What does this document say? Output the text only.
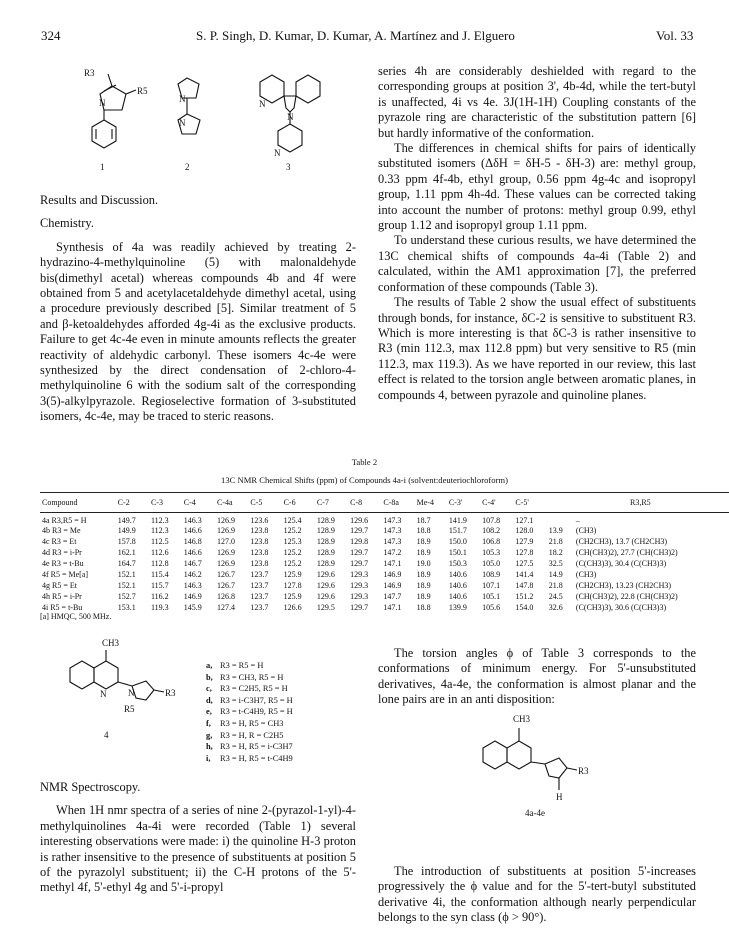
324	S. P. Singh, D. Kumar, D. Kumar, A. Martínez and J. Elguero	Vol. 33
R3
N
R5
1
N
N
2
N
N
N
3

Results and Discussion.

Chemistry.

Synthesis of 4a was readily achieved by treating 2-hydrazino-4-methylquinoline (5) with malonaldehyde bis(dimethyl acetal) whereas compounds 4b and 4f were obtained from 5 and acetylacetaldehyde dimethyl acetal, using a procedure previously described [5]. Similar treatment of 5 and β-ketoaldehydes afforded 4g-4i as the exclusive products. Failure to get 4c-4e even in minute amounts reflects the greater reactivity of aldehydic carbonyl. These isomers 4c-4e were synthesized by the direct condensation of 2-chloro-4-methylquinoline 6 with the sodium salt of the corresponding 3(5)-alkylpyrazole. Regioselective formation of 3-substituted isomers, 4c-4e, may be traced to steric reasons.

series 4h are considerably deshielded with regard to the corresponding groups at position 3', 4b-4d, while the tert-butyl is unaffected, 4i vs 4e. 3J(1H-1H) Coupling constants of the pyrazole ring are characteristic of the substitution pattern [6] but hardly informative of the conformation.

The differences in chemical shifts for pairs of identically substituted isomers (ΔδH = δH-5 - δH-3) are: methyl group, 0.33 ppm 4f-4b, ethyl group, 0.56 ppm 4g-4c and isopropyl group, 1.11 ppm 4h-4d. These values can be corrected taking into account the number of protons: methyl group 0.99, ethyl group 1.12 and isopropyl group 1.11 ppm.

To understand these curious results, we have determined the 13C chemical shifts of compounds 4a-4i (Table 2) and calculated, within the AM1 approximation [7], the preferred conformation of these compounds (Table 3).

The results of Table 2 show the usual effect of substituents through bonds, for instance, δC-2 is sensitive to substituent R3. Which is more interesting is that δC-3 is rather insensitive to R3 (min 112.3, max 112.8 ppm) but very sensitive to R5 (min 112.3, max 119.3). As we have reported in our review, this last effect is related to the torsion angle between aromatic planes, in compounds 4, between pyrazole and quinoline planes.

Table 2
13C NMR Chemical Shifts (ppm) of Compounds 4a-i (solvent:deuteriochloroform)
Compound	C-2	C-3	C-4	C-4a	C-5	C-6	C-7	C-8	C-8a	Me-4	C-3'	C-4'	C-5'	R3,R5	
4a R3,R5 = H	149.7	112.3	146.3	126.9	123.6	125.4	128.9	129.6	147.3	18.7	141.9	107.8	127.1		–
4b R3 = Me	149.9	112.3	146.6	126.9	123.8	125.2	128.9	129.7	147.3	18.8	151.7	108.2	128.0	13.9	(CH3)
4c R3 = Et	157.8	112.5	146.8	127.0	123.8	125.3	128.9	129.8	147.3	18.9	150.0	106.8	127.9	21.8	(CH2CH3), 13.7 (CH2CH3)
4d R3 = i-Pr	162.1	112.6	146.6	126.9	123.8	125.2	128.9	129.7	147.2	18.9	150.1	105.3	127.8	18.2	(CH(CH3)2), 27.7 (CH(CH3)2)
4e R3 = t-Bu	164.7	112.8	146.7	126.9	123.8	125.2	128.9	129.7	147.1	19.0	150.3	105.0	127.5	32.5	(C(CH3)3), 30.4 (C(CH3)3)
4f R5 = Me[a]	152.1	115.4	146.2	126.7	123.7	125.9	129.6	129.3	146.9	18.9	140.6	108.9	141.4	14.9	(CH3)
4g R5 = Et	152.1	115.7	146.3	126.7	123.7	127.8	129.6	129.3	146.9	18.9	140.6	107.1	147.8	21.8	(CH2CH3), 13.23 (CH2CH3)
4h R5 = i-Pr	152.7	116.2	146.9	126.8	123.7	125.9	129.6	129.3	147.7	18.9	140.6	105.1	151.2	24.5	(CH(CH3)2), 22.8 (CH(CH3)2)
4i R5 = t-Bu	153.1	119.3	145.9	127.4	123.7	126.6	129.5	129.7	147.1	18.8	139.9	105.6	154.0	32.6	(C(CH3)3), 30.6 (C(CH3)3)
[a] HMQC, 500 MHz.
CH3
N N	R3
R5
4
a, R3 = R5 = H
b, R3 = CH3, R5 = H
c, R3 = C2H5, R5 = H
d, R3 = i-C3H7, R5 = H
e, R3 = t-C4H9, R5 = H
f, R3 = H, R5 = CH3
g, R3 = H, R = C2H5
h, R3 = H, R5 = i-C3H7
i, R3 = H, R5 = t-C4H9

NMR Spectroscopy.

When 1H nmr spectra of a series of nine 2-(pyrazol-1-yl)-4-methylquinolines 4a-4i were recorded (Table 1) several interesting observations were made: i) the quinoline H-3 proton is rather insensitive to the presence of substituents at position 5 of the pyrazolyl substituent; ii) the C-H protons of the 5'-methyl 4f, 5'-ethyl 4g and 5'-i-propyl

The torsion angles ϕ of Table 3 corresponds to the conformations of minimum energy. For 5'-unsubstituted derivatives, 4a-4e, the conformation is almost planar and the lone pairs are in an anti disposition:

CH3
R3
H
4a-4e

The introduction of substituents at position 5'-increases progressively the ϕ value and for the 5'-tert-butyl substituted derivative 4i, the conformation although nearly perpendicular belongs to the syn class (ϕ > 90°).
